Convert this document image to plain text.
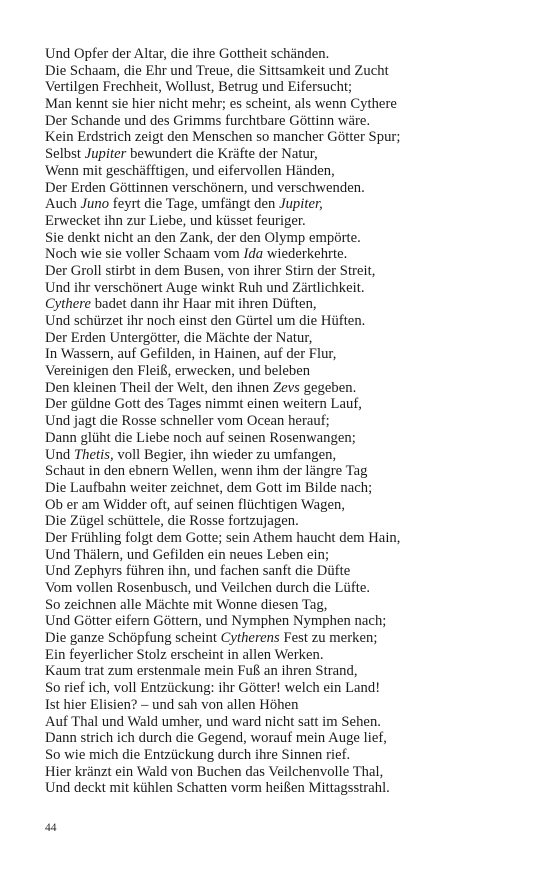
Und Opfer der Altar, die ihre Gottheit schänden.
Die Schaam, die Ehr und Treue, die Sittsamkeit und Zucht
Vertilgen Frechheit, Wollust, Betrug und Eifersucht;
Man kennt sie hier nicht mehr; es scheint, als wenn Cythere
Der Schande und des Grimms furchtbare Göttinn wäre.
Kein Erdstrich zeigt den Menschen so mancher Götter Spur;
Selbst Jupiter bewundert die Kräfte der Natur,
Wenn mit geschäfftigen, und eifervollen Händen,
Der Erden Göttinnen verschönern, und verschwenden.
Auch Juno feyrt die Tage, umfängt den Jupiter,
Erwecket ihn zur Liebe, und küsset feuriger.
Sie denkt nicht an den Zank, der den Olymp empörte.
Noch wie sie voller Schaam vom Ida wiederkehrte.
Der Groll stirbt in dem Busen, von ihrer Stirn der Streit,
Und ihr verschönert Auge winkt Ruh und Zärtlichkeit.
Cythere badet dann ihr Haar mit ihren Düften,
Und schürzet ihr noch einst den Gürtel um die Hüften.
Der Erden Untergötter, die Mächte der Natur,
In Wassern, auf Gefilden, in Hainen, auf der Flur,
Vereinigen den Fleiß, erwecken, und beleben
Den kleinen Theil der Welt, den ihnen Zevs gegeben.
Der güldne Gott des Tages nimmt einen weitern Lauf,
Und jagt die Rosse schneller vom Ocean herauf;
Dann glüht die Liebe noch auf seinen Rosenwangen;
Und Thetis, voll Begier, ihn wieder zu umfangen,
Schaut in den ebnern Wellen, wenn ihm der längre Tag
Die Laufbahn weiter zeichnet, dem Gott im Bilde nach;
Ob er am Widder oft, auf seinen flüchtigen Wagen,
Die Zügel schüttele, die Rosse fortzujagen.
Der Frühling folgt dem Gotte; sein Athem haucht dem Hain,
Und Thälern, und Gefilden ein neues Leben ein;
Und Zephyrs führen ihn, und fachen sanft die Düfte
Vom vollen Rosenbusch, und Veilchen durch die Lüfte.
So zeichnen alle Mächte mit Wonne diesen Tag,
Und Götter eifern Göttern, und Nymphen Nymphen nach;
Die ganze Schöpfung scheint Cytherens Fest zu merken;
Ein feyerlicher Stolz erscheint in allen Werken.
Kaum trat zum erstenmale mein Fuß an ihren Strand,
So rief ich, voll Entzückung: ihr Götter! welch ein Land!
Ist hier Elisien? – und sah von allen Höhen
Auf Thal und Wald umher, und ward nicht satt im Sehen.
Dann strich ich durch die Gegend, worauf mein Auge lief,
So wie mich die Entzückung durch ihre Sinnen rief.
Hier kränzt ein Wald von Buchen das Veilchenvolle Thal,
Und deckt mit kühlen Schatten vorm heißen Mittagsstrahl.
44
